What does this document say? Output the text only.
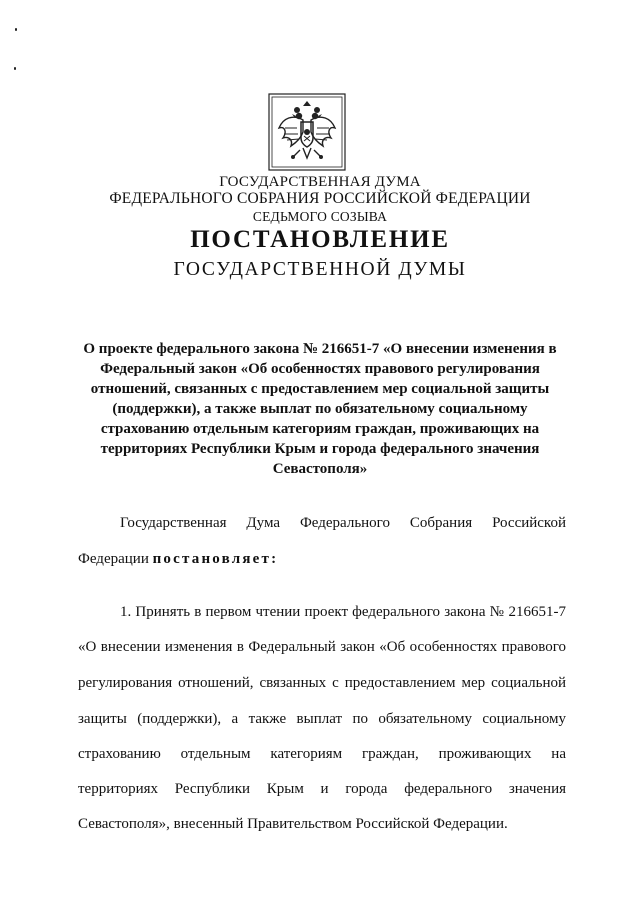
ГОСУДАРСТВЕННАЯ ДУМА
ФЕДЕРАЛЬНОГО СОБРАНИЯ РОССИЙСКОЙ ФЕДЕРАЦИИ
СЕДЬМОГО СОЗЫВА
ПОСТАНОВЛЕНИЕ
ГОСУДАРСТВЕННОЙ ДУМЫ
О проекте федерального закона № 216651-7 «О внесении изменения в
Федеральный закон «Об особенностях правового регулирования
отношений, связанных с предоставлением мер социальной защиты
(поддержки), а также выплат по обязательному социальному
страхованию отдельным категориям граждан, проживающих на
территориях Республики Крым и города федерального значения
Севастополя»
Государственная Дума Федерального Собрания Российской
Федерации постановляет:
1. Принять в первом чтении проект федерального закона № 216651-7
«О внесении изменения в Федеральный закон «Об особенностях правового
регулирования отношений, связанных с предоставлением мер социальной
защиты (поддержки), а также выплат по обязательному социальному
страхованию отдельным категориям граждан, проживающих на
территориях Республики Крым и города федерального значения
Севастополя», внесенный Правительством Российской Федерации.
